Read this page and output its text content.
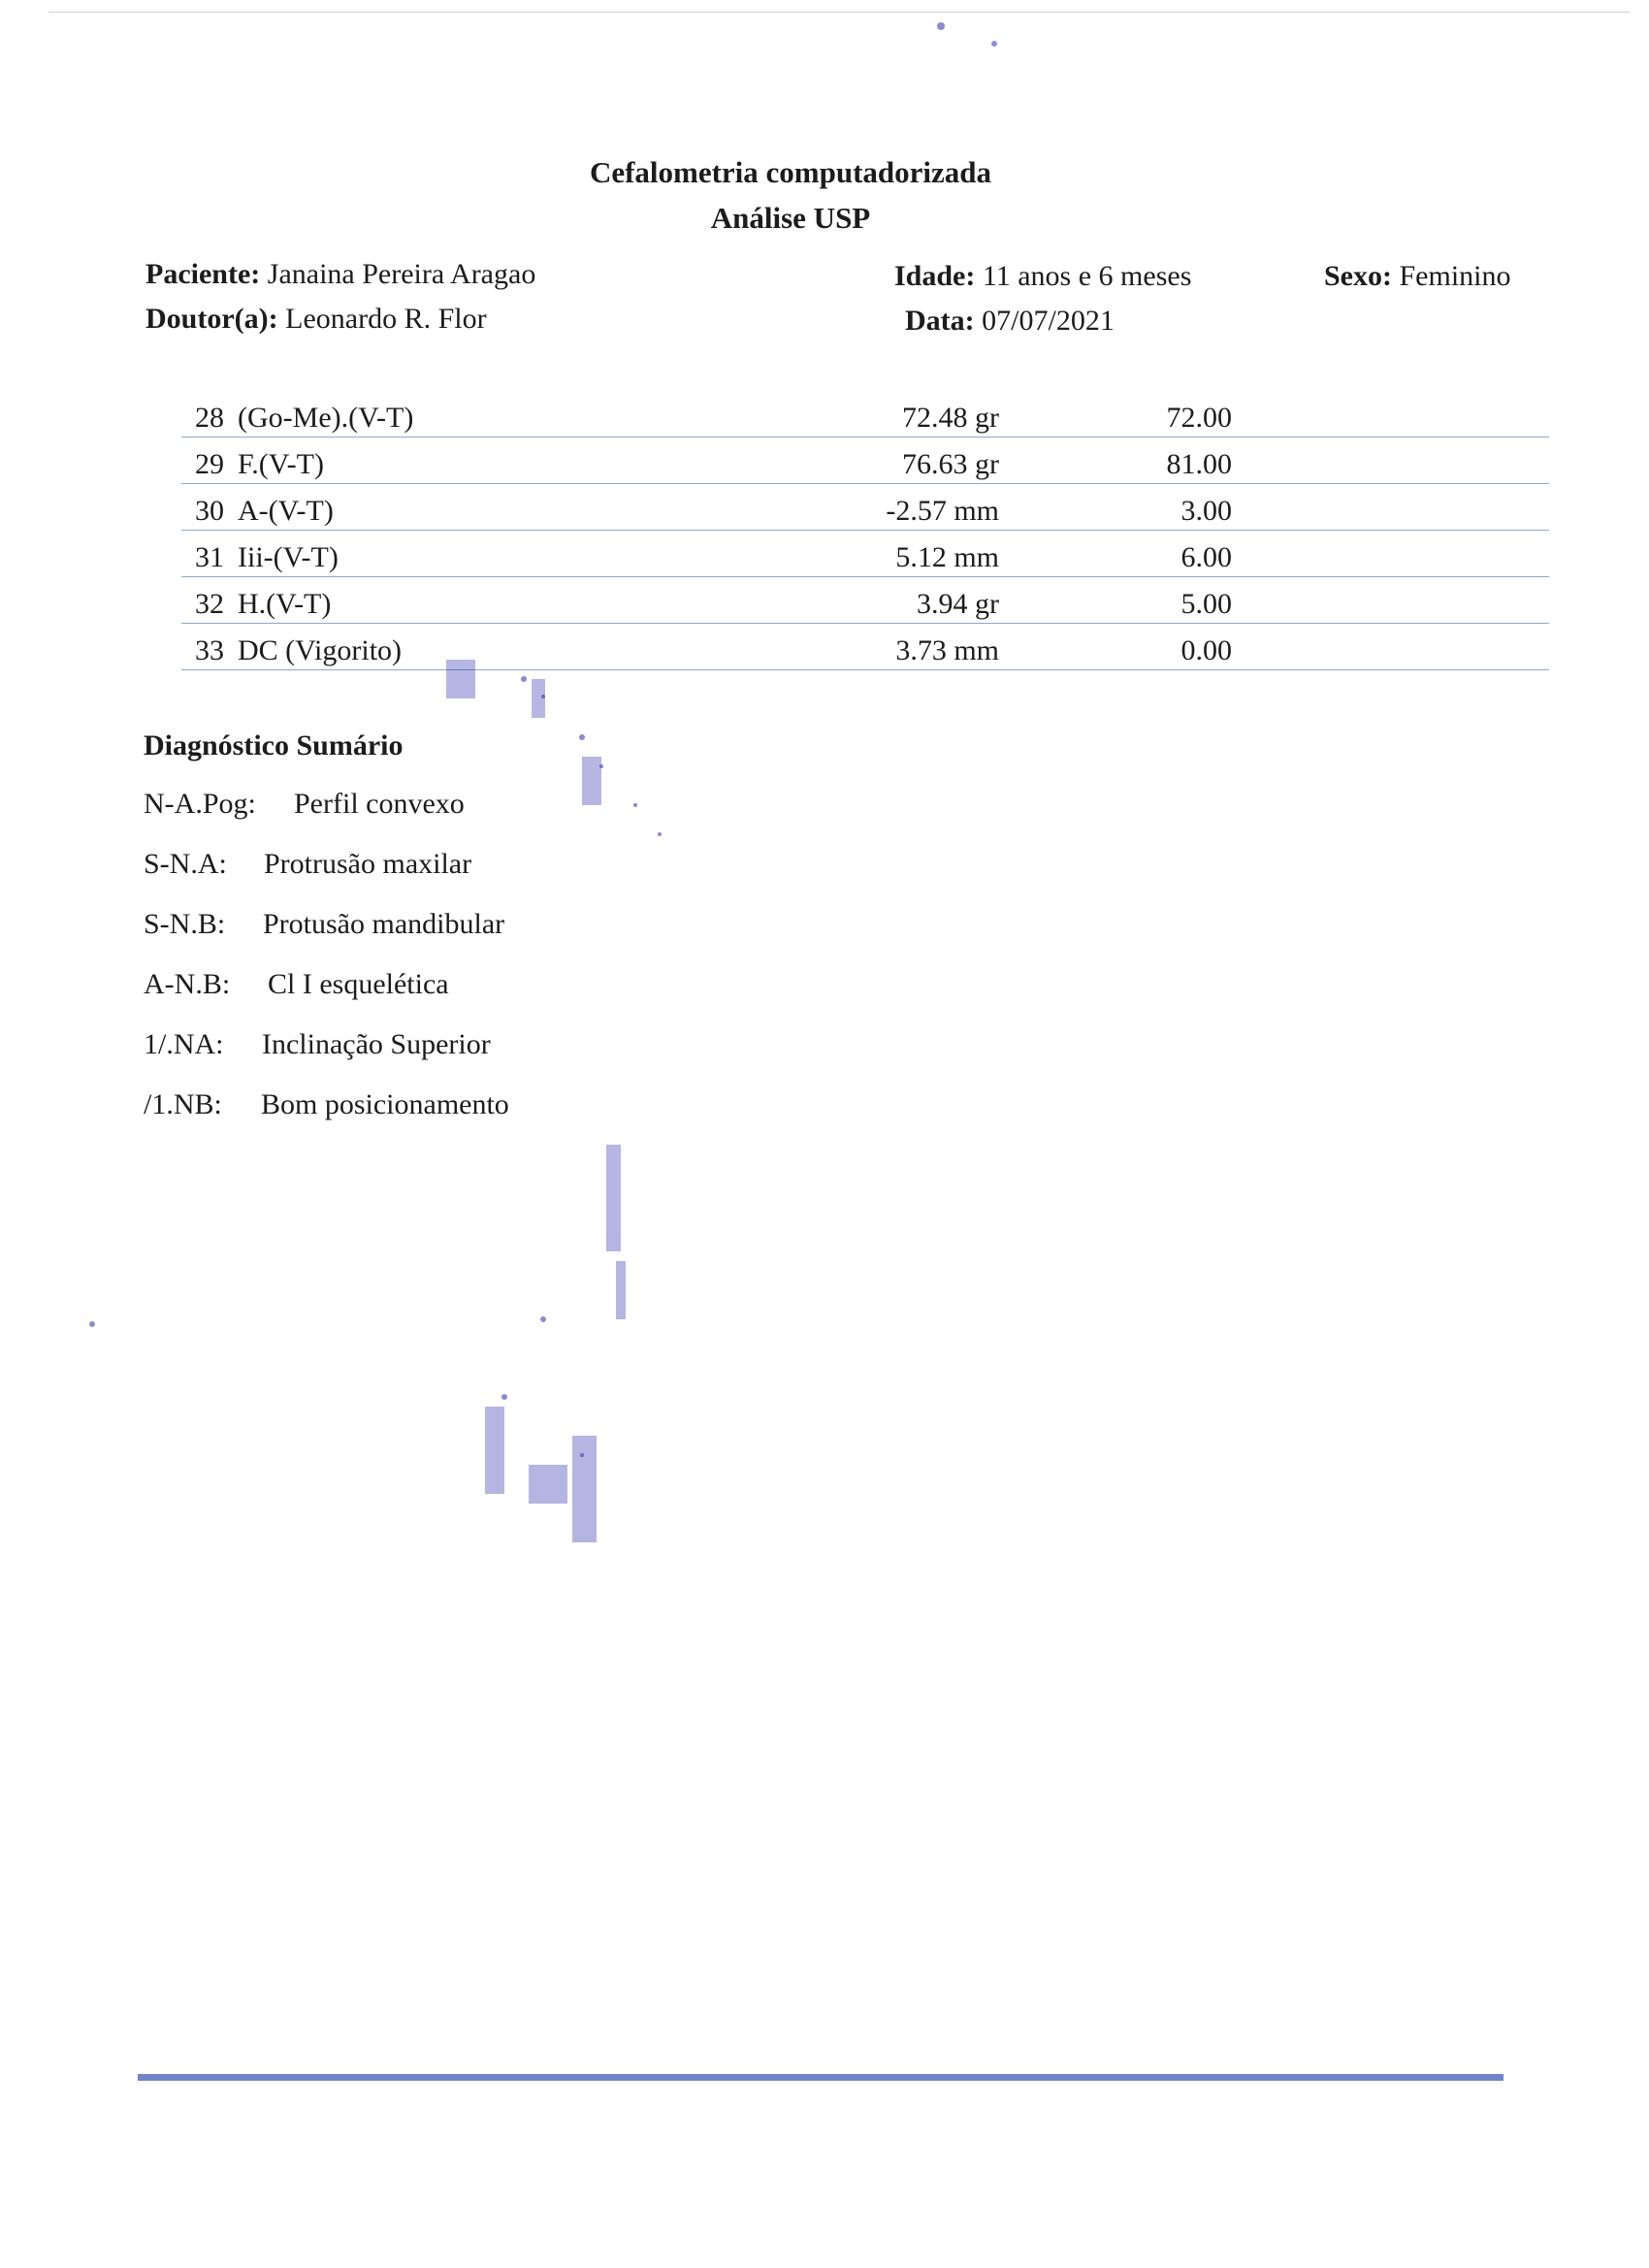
Cefalometria computadorizada
Análise USP
Paciente: Janaina Pereira Aragao
Doutor(a): Leonardo R. Flor
Idade: 11 anos e 6 meses
Data: 07/07/2021
Sexo: Feminino
28	(Go-Me).(V-T)	72.48 gr	72.00	
29	F.(V-T)	76.63 gr	81.00	
30	A-(V-T)	-2.57 mm	3.00	
31	Iii-(V-T)	5.12 mm	6.00	
32	H.(V-T)	3.94 gr	5.00	
33	DC (Vigorito)	3.73 mm	0.00	
Diagnóstico Sumário
N-A.Pog: Perfil convexo
S-N.A: Protrusão maxilar
S-N.B: Protusão mandibular
A-N.B: Cl I esquelética
1/.NA: Inclinação Superior
/1.NB: Bom posicionamento
